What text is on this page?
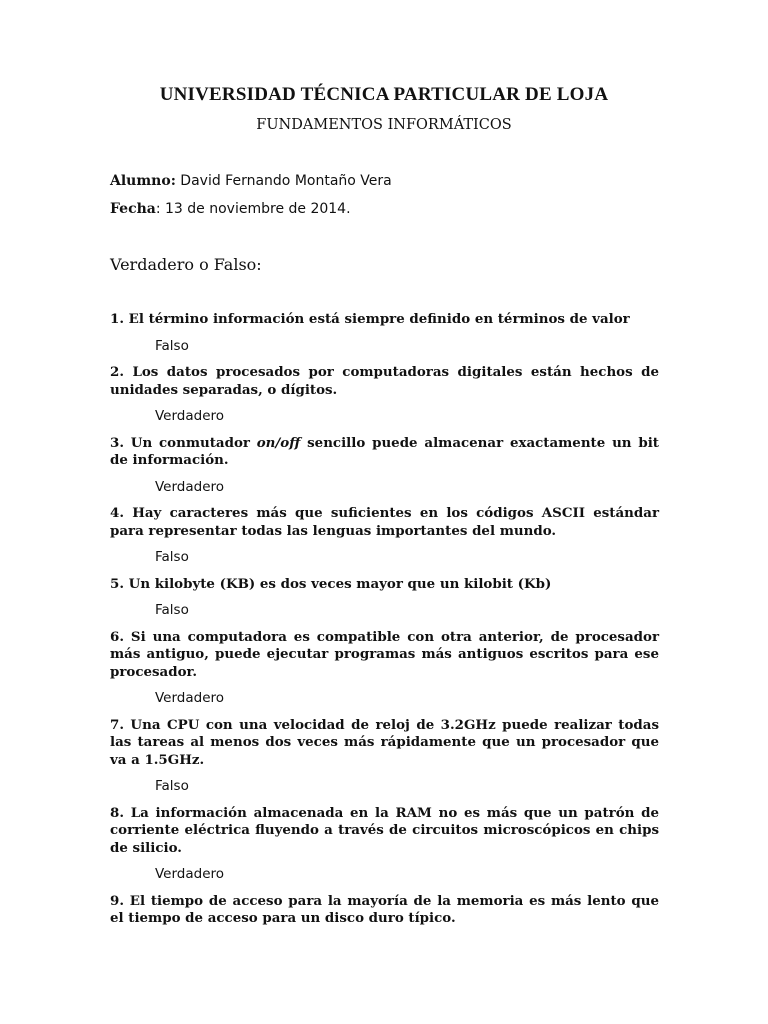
UNIVERSIDAD TÉCNICA PARTICULAR DE LOJA
FUNDAMENTOS INFORMÁTICOS
Alumno: David Fernando Montaño Vera
Fecha: 13 de noviembre de 2014.
Verdadero o Falso:
1. El término información está siempre definido en términos de valor
Falso
2. Los datos procesados por computadoras digitales están hechos de unidades separadas, o dígitos.
Verdadero
3. Un conmutador on/off sencillo puede almacenar exactamente un bit de información.
Verdadero
4. Hay caracteres más que suficientes en los códigos ASCII estándar para representar todas las lenguas importantes del mundo.
Falso
5. Un kilobyte (KB) es dos veces mayor que un kilobit (Kb)
Falso
6. Si una computadora es compatible con otra anterior, de procesador más antiguo, puede ejecutar programas más antiguos escritos para ese procesador.
Verdadero
7. Una CPU con una velocidad de reloj de 3.2GHz puede realizar todas las tareas al menos dos veces más rápidamente que un procesador que va a 1.5GHz.
Falso
8. La información almacenada en la RAM no es más que un patrón de corriente eléctrica fluyendo a través de circuitos microscópicos en chips de silicio.
Verdadero
9. El tiempo de acceso para la mayoría de la memoria es más lento que el tiempo de acceso para un disco duro típico.
